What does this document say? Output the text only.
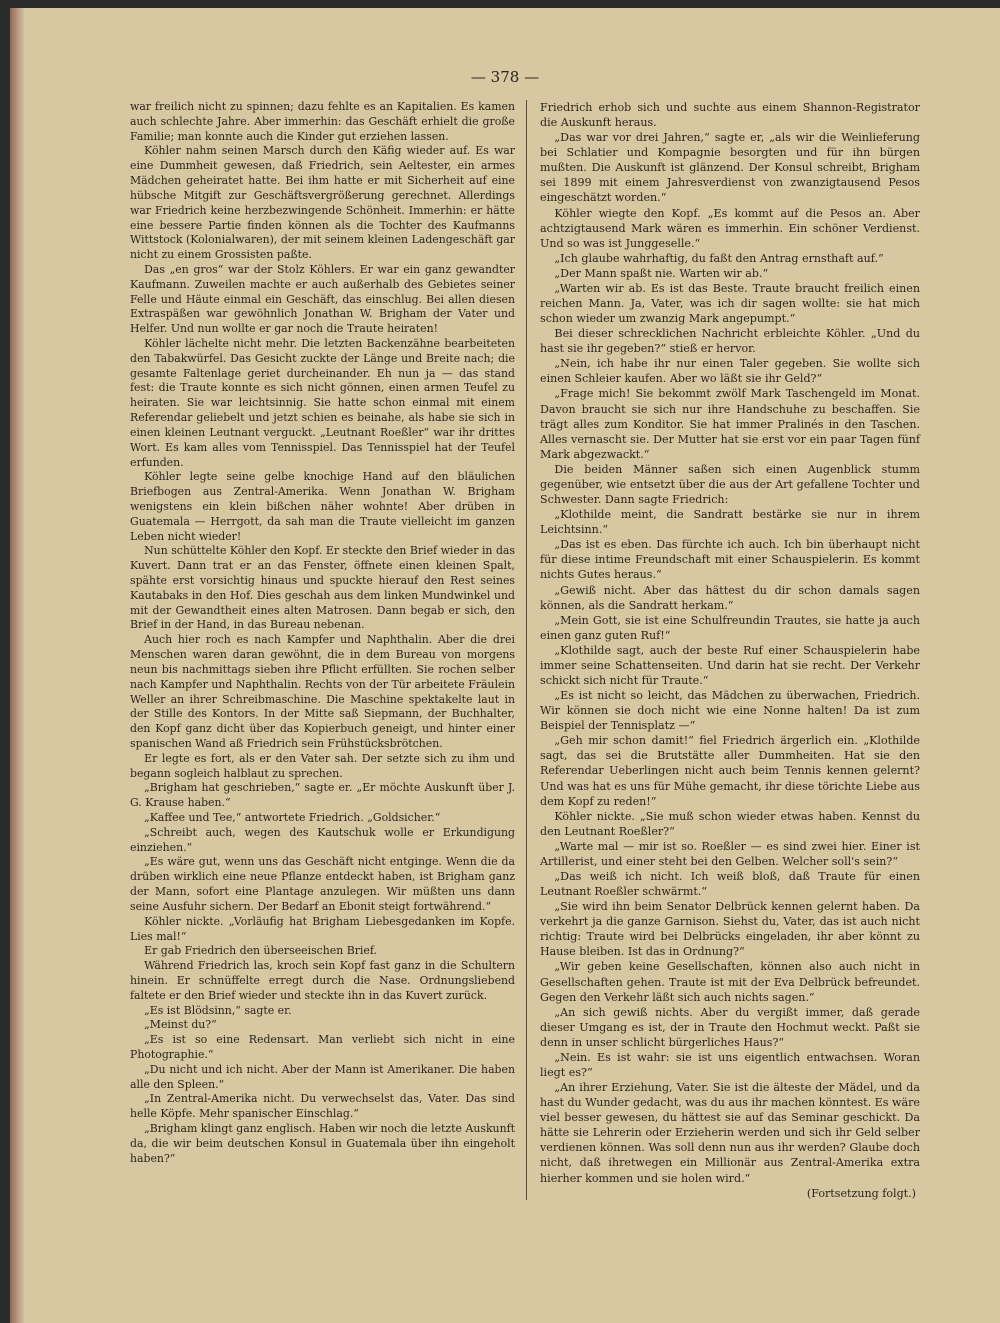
— 378 —

war freilich nicht zu spinnen; dazu fehlte es an Kapitalien. Es kamen auch schlechte Jahre. Aber immerhin: das Geschäft erhielt die große Familie; man konnte auch die Kinder gut erziehen lassen.

Köhler nahm seinen Marsch durch den Käfig wieder auf. Es war eine Dummheit gewesen, daß Friedrich, sein Aeltester, ein armes Mädchen geheiratet hatte. Bei ihm hatte er mit Sicherheit auf eine hübsche Mitgift zur Geschäftsvergrößerung gerechnet. Allerdings war Friedrich keine herzbezwingende Schönheit. Immerhin: er hätte eine bessere Partie finden können als die Tochter des Kaufmanns Wittstock (Kolonialwaren), der mit seinem kleinen Ladengeschäft gar nicht zu einem Grossisten paßte.

Das „en gros“ war der Stolz Köhlers. Er war ein ganz gewandter Kaufmann. Zuweilen machte er auch außerhalb des Gebietes seiner Felle und Häute einmal ein Geschäft, das einschlug. Bei allen diesen Extraspäßen war gewöhnlich Jonathan W. Brigham der Vater und Helfer. Und nun wollte er gar noch die Traute heiraten!

Köhler lächelte nicht mehr. Die letzten Backenzähne bearbeiteten den Tabakwürfel. Das Gesicht zuckte der Länge und Breite nach; die gesamte Faltenlage geriet durcheinander. Eh nun ja — das stand fest: die Traute konnte es sich nicht gönnen, einen armen Teufel zu heiraten. Sie war leichtsinnig. Sie hatte schon einmal mit einem Referendar geliebelt und jetzt schien es beinahe, als habe sie sich in einen kleinen Leutnant verguckt. „Leutnant Roeßler“ war ihr drittes Wort. Es kam alles vom Tennisspiel. Das Tennisspiel hat der Teufel erfunden.

Köhler legte seine gelbe knochige Hand auf den bläulichen Briefbogen aus Zentral-Amerika. Wenn Jonathan W. Brigham wenigstens ein klein bißchen näher wohnte! Aber drüben in Guatemala — Herrgott, da sah man die Traute vielleicht im ganzen Leben nicht wieder!

Nun schüttelte Köhler den Kopf. Er steckte den Brief wieder in das Kuvert. Dann trat er an das Fenster, öffnete einen kleinen Spalt, spähte erst vorsichtig hinaus und spuckte hierauf den Rest seines Kautabaks in den Hof. Dies geschah aus dem linken Mundwinkel und mit der Gewandtheit eines alten Matrosen. Dann begab er sich, den Brief in der Hand, in das Bureau nebenan.

Auch hier roch es nach Kampfer und Naphthalin. Aber die drei Menschen waren daran gewöhnt, die in dem Bureau von morgens neun bis nachmittags sieben ihre Pflicht erfüllten. Sie rochen selber nach Kampfer und Naphthalin. Rechts von der Tür arbeitete Fräulein Weller an ihrer Schreibmaschine. Die Maschine spektakelte laut in der Stille des Kontors. In der Mitte saß Siepmann, der Buchhalter, den Kopf ganz dicht über das Kopierbuch geneigt, und hinter einer spanischen Wand aß Friedrich sein Frühstücksbrötchen.

Er legte es fort, als er den Vater sah. Der setzte sich zu ihm und begann sogleich halblaut zu sprechen.

„Brigham hat geschrieben,“ sagte er. „Er möchte Auskunft über J. G. Krause haben.“

„Kaffee und Tee,“ antwortete Friedrich. „Goldsicher.“

„Schreibt auch, wegen des Kautschuk wolle er Erkundigung einziehen.“

„Es wäre gut, wenn uns das Geschäft nicht entginge. Wenn die da drüben wirklich eine neue Pflanze entdeckt haben, ist Brigham ganz der Mann, sofort eine Plantage anzulegen. Wir müßten uns dann seine Ausfuhr sichern. Der Bedarf an Ebonit steigt fortwährend.“

Köhler nickte. „Vorläufig hat Brigham Liebesgedanken im Kopfe. Lies mal!“

Er gab Friedrich den überseeischen Brief.

Während Friedrich las, kroch sein Kopf fast ganz in die Schultern hinein. Er schnüffelte erregt durch die Nase. Ordnungsliebend faltete er den Brief wieder und steckte ihn in das Kuvert zurück.

„Es ist Blödsinn,“ sagte er.

„Meinst du?“

„Es ist so eine Redensart. Man verliebt sich nicht in eine Photographie.“

„Du nicht und ich nicht. Aber der Mann ist Amerikaner. Die haben alle den Spleen.“

„In Zentral-Amerika nicht. Du verwechselst das, Vater. Das sind helle Köpfe. Mehr spanischer Einschlag.“

„Brigham klingt ganz englisch. Haben wir noch die letzte Auskunft da, die wir beim deutschen Konsul in Guatemala über ihn eingeholt haben?“

Friedrich erhob sich und suchte aus einem Shannon-Registrator die Auskunft heraus.

„Das war vor drei Jahren,“ sagte er, „als wir die Weinlieferung bei Schlatier und Kompagnie besorgten und für ihn bürgen mußten. Die Auskunft ist glänzend. Der Konsul schreibt, Brigham sei 1899 mit einem Jahresverdienst von zwanzigtausend Pesos eingeschätzt worden.“

Köhler wiegte den Kopf. „Es kommt auf die Pesos an. Aber achtzigtausend Mark wären es immerhin. Ein schöner Verdienst. Und so was ist Junggeselle.“

„Ich glaube wahrhaftig, du faßt den Antrag ernsthaft auf.“

„Der Mann spaßt nie. Warten wir ab.“

„Warten wir ab. Es ist das Beste. Traute braucht freilich einen reichen Mann. Ja, Vater, was ich dir sagen wollte: sie hat mich schon wieder um zwanzig Mark angepumpt.“

Bei dieser schrecklichen Nachricht erbleichte Köhler. „Und du hast sie ihr gegeben?“ stieß er hervor.

„Nein, ich habe ihr nur einen Taler gegeben. Sie wollte sich einen Schleier kaufen. Aber wo läßt sie ihr Geld?“

„Frage mich! Sie bekommt zwölf Mark Taschengeld im Monat. Davon braucht sie sich nur ihre Handschuhe zu beschaffen. Sie trägt alles zum Konditor. Sie hat immer Pralinés in den Taschen. Alles vernascht sie. Der Mutter hat sie erst vor ein paar Tagen fünf Mark abgezwackt.“

Die beiden Männer saßen sich einen Augenblick stumm gegenüber, wie entsetzt über die aus der Art gefallene Tochter und Schwester. Dann sagte Friedrich:

„Klothilde meint, die Sandratt bestärke sie nur in ihrem Leichtsinn.“

„Das ist es eben. Das fürchte ich auch. Ich bin überhaupt nicht für diese intime Freundschaft mit einer Schauspielerin. Es kommt nichts Gutes heraus.“

„Gewiß nicht. Aber das hättest du dir schon damals sagen können, als die Sandratt herkam.“

„Mein Gott, sie ist eine Schulfreundin Trautes, sie hatte ja auch einen ganz guten Ruf!“

„Klothilde sagt, auch der beste Ruf einer Schauspielerin habe immer seine Schattenseiten. Und darin hat sie recht. Der Verkehr schickt sich nicht für Traute.“

„Es ist nicht so leicht, das Mädchen zu überwachen, Friedrich. Wir können sie doch nicht wie eine Nonne halten! Da ist zum Beispiel der Tennisplatz —“

„Geh mir schon damit!“ fiel Friedrich ärgerlich ein. „Klothilde sagt, das sei die Brutstätte aller Dummheiten. Hat sie den Referendar Ueberlingen nicht auch beim Tennis kennen gelernt? Und was hat es uns für Mühe gemacht, ihr diese törichte Liebe aus dem Kopf zu reden!“

Köhler nickte. „Sie muß schon wieder etwas haben. Kennst du den Leutnant Roeßler?“

„Warte mal — mir ist so. Roeßler — es sind zwei hier. Einer ist Artillerist, und einer steht bei den Gelben. Welcher soll's sein?“

„Das weiß ich nicht. Ich weiß bloß, daß Traute für einen Leutnant Roeßler schwärmt.“

„Sie wird ihn beim Senator Delbrück kennen gelernt haben. Da verkehrt ja die ganze Garnison. Siehst du, Vater, das ist auch nicht richtig: Traute wird bei Delbrücks eingeladen, ihr aber könnt zu Hause bleiben. Ist das in Ordnung?“

„Wir geben keine Gesellschaften, können also auch nicht in Gesellschaften gehen. Traute ist mit der Eva Delbrück befreundet. Gegen den Verkehr läßt sich auch nichts sagen.“

„An sich gewiß nichts. Aber du vergißt immer, daß gerade dieser Umgang es ist, der in Traute den Hochmut weckt. Paßt sie denn in unser schlicht bürgerliches Haus?“

„Nein. Es ist wahr: sie ist uns eigentlich entwachsen. Woran liegt es?“

„An ihrer Erziehung, Vater. Sie ist die älteste der Mädel, und da hast du Wunder gedacht, was du aus ihr machen könntest. Es wäre viel besser gewesen, du hättest sie auf das Seminar geschickt. Da hätte sie Lehrerin oder Erzieherin werden und sich ihr Geld selber verdienen können. Was soll denn nun aus ihr werden? Glaube doch nicht, daß ihretwegen ein Millionär aus Zentral-Amerika extra hierher kommen und sie holen wird.“

(Fortsetzung folgt.)
